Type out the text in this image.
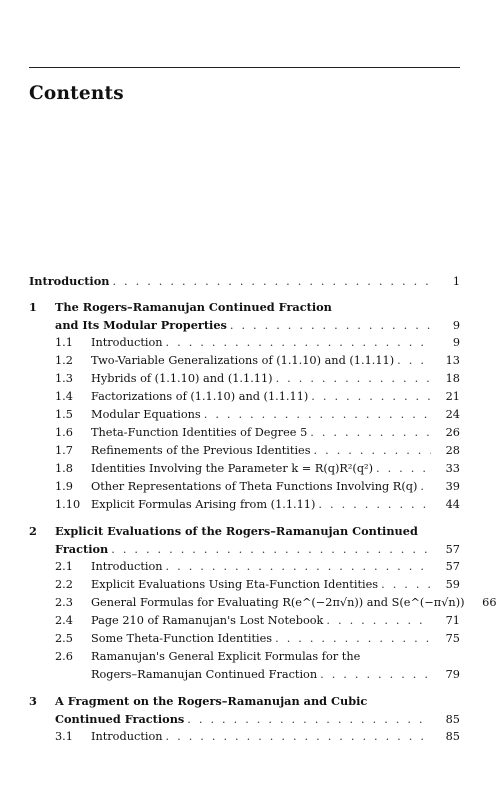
Contents
Introduction . . .	1
1	The Rogers–Ramanujan Continued Fraction
and Its Modular Properties . . .	9
1.1	Introduction . . .	9
1.2	Two-Variable Generalizations of (1.1.10) and (1.1.11) . . .	13
1.3	Hybrids of (1.1.10) and (1.1.11) . . .	18
1.4	Factorizations of (1.1.10) and (1.1.11) . . .	21
1.5	Modular Equations . . .	24
1.6	Theta-Function Identities of Degree 5 . . .	26
1.7	Refinements of the Previous Identities . . .	28
1.8	Identities Involving the Parameter k = R(q)R²(q²) . . .	33
1.9	Other Representations of Theta Functions Involving R(q) . . .	39
1.10 Explicit Formulas Arising from (1.1.11) . . .	44
2	Explicit Evaluations of the Rogers–Ramanujan Continued
Fraction . . .	57
2.1	Introduction . . .	57
2.2	Explicit Evaluations Using Eta-Function Identities . . .	59
2.3	General Formulas for Evaluating R(e^(−2π√n)) and S(e^(−π√n))	66
2.4	Page 210 of Ramanujan's Lost Notebook . . .	71
2.5	Some Theta-Function Identities . . .	75
2.6	Ramanujan's General Explicit Formulas for the
Rogers–Ramanujan Continued Fraction . . .	79
3	A Fragment on the Rogers–Ramanujan and Cubic
Continued Fractions . . .	85
3.1	Introduction . . .	85
